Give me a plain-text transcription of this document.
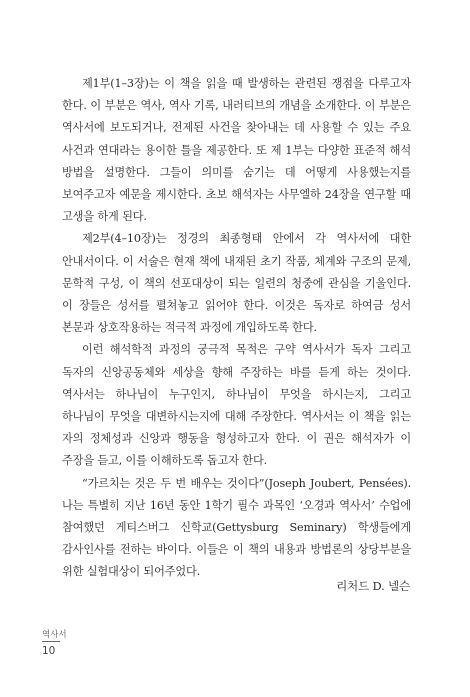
제1부(1–3장)는 이 책을 읽을 때 발생하는 관련된 쟁점을 다루고자 한다. 이 부분은 역사, 역사 기록, 내러티브의 개념을 소개한다. 이 부분은 역사서에 보도되거나, 전제된 사건을 찾아내는 데 사용할 수 있는 주요 사건과 연대라는 용이한 틀을 제공한다. 또 제 1부는 다양한 표준적 해석 방법을 설명한다. 그들이 의미를 숨기는 데 어떻게 사용했는지를 보여주고자 예문을 제시한다. 초보 해석자는 사무엘하 24장을 연구할 때 고생을 하게 된다.

제2부(4–10장)는 정경의 최종형태 안에서 각 역사서에 대한 안내서이다. 이 서술은 현재 책에 내재된 초기 작품, 체계와 구조의 문제, 문학적 구성, 이 책의 선포대상이 되는 일련의 청중에 관심을 기울인다. 이 장들은 성서를 펼쳐놓고 읽어야 한다. 이것은 독자로 하여금 성서 본문과 상호작용하는 적극적 과정에 개입하도록 한다.

이런 해석학적 과정의 궁극적 목적은 구약 역사서가 독자 그리고 독자의 신앙공동체와 세상을 향해 주장하는 바를 듣게 하는 것이다. 역사서는 하나님이 누구인지, 하나님이 무엇을 하시는지, 그리고 하나님이 무엇을 대변하시는지에 대해 주장한다. 역사서는 이 책을 읽는 자의 정체성과 신앙과 행동을 형성하고자 한다. 이 권은 해석자가 이 주장을 듣고, 이를 이해하도록 돕고자 한다.

“가르치는 것은 두 번 배우는 것이다”(Joseph Joubert, Pensées). 나는 특별히 지난 16년 동안 1학기 필수 과목인 ‘오경과 역사서’ 수업에 참여했던 게티스버그 신학교(Gettysburg Seminary) 학생들에게 감사인사를 전하는 바이다. 이들은 이 책의 내용과 방법론의 상당부분을 위한 실험대상이 되어주었다.

리처드 D. 넬슨
역사서
10
